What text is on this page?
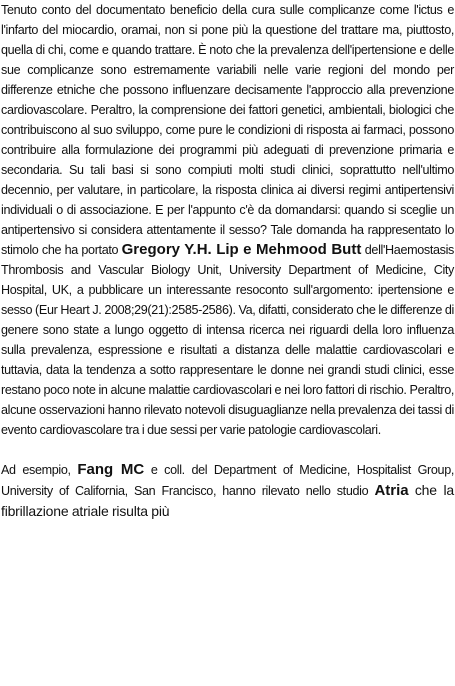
Tenuto conto del documentato beneficio della cura sulle complicanze come l'ictus e l'infarto del miocardio, oramai, non si pone più la questione del trattare ma, piuttosto, quella di chi, come e quando trattare. È noto che la prevalenza dell'ipertensione e delle sue complicanze sono estremamente variabili nelle varie regioni del mondo per differenze etniche che possono influenzare decisamente l'approccio alla prevenzione cardiovascolare. Peraltro, la comprensione dei fattori genetici, ambientali, biologici che contribuiscono al suo sviluppo, come pure le condizioni di risposta ai farmaci, possono contribuire alla formulazione dei programmi più adeguati di prevenzione primaria e secondaria. Su tali basi si sono compiuti molti studi clinici, soprattutto nell'ultimo decennio, per valutare, in particolare, la risposta clinica ai diversi regimi antipertensivi individuali o di associazione. E per l'appunto c'è da domandarsi: quando si sceglie un antipertensivo si considera attentamente il sesso? Tale domanda ha rappresentato lo stimolo che ha portato Gregory Y.H. Lip e Mehmood Butt dell'Haemostasis Thrombosis and Vascular Biology Unit, University Department of Medicine, City Hospital, UK, a pubblicare un interessante resoconto sull'argomento: ipertensione e sesso (Eur Heart J. 2008;29(21):2585-2586). Va, difatti, considerato che le differenze di genere sono state a lungo oggetto di intensa ricerca nei riguardi della loro influenza sulla prevalenza, espressione e risultati a distanza delle malattie cardiovascolari e tuttavia, data la tendenza a sotto rappresentare le donne nei grandi studi clinici, esse restano poco note in alcune malattie cardiovascolari e nei loro fattori di rischio. Peraltro, alcune osservazioni hanno rilevato notevoli disuguaglianze nella prevalenza dei tassi di evento cardiovascolare tra i due sessi per varie patologie cardiovascolari.

Ad esempio, Fang MC e coll. del Department of Medicine, Hospitalist Group, University of California, San Francisco, hanno rilevato nello studio Atria che la fibrillazione atriale risulta più
